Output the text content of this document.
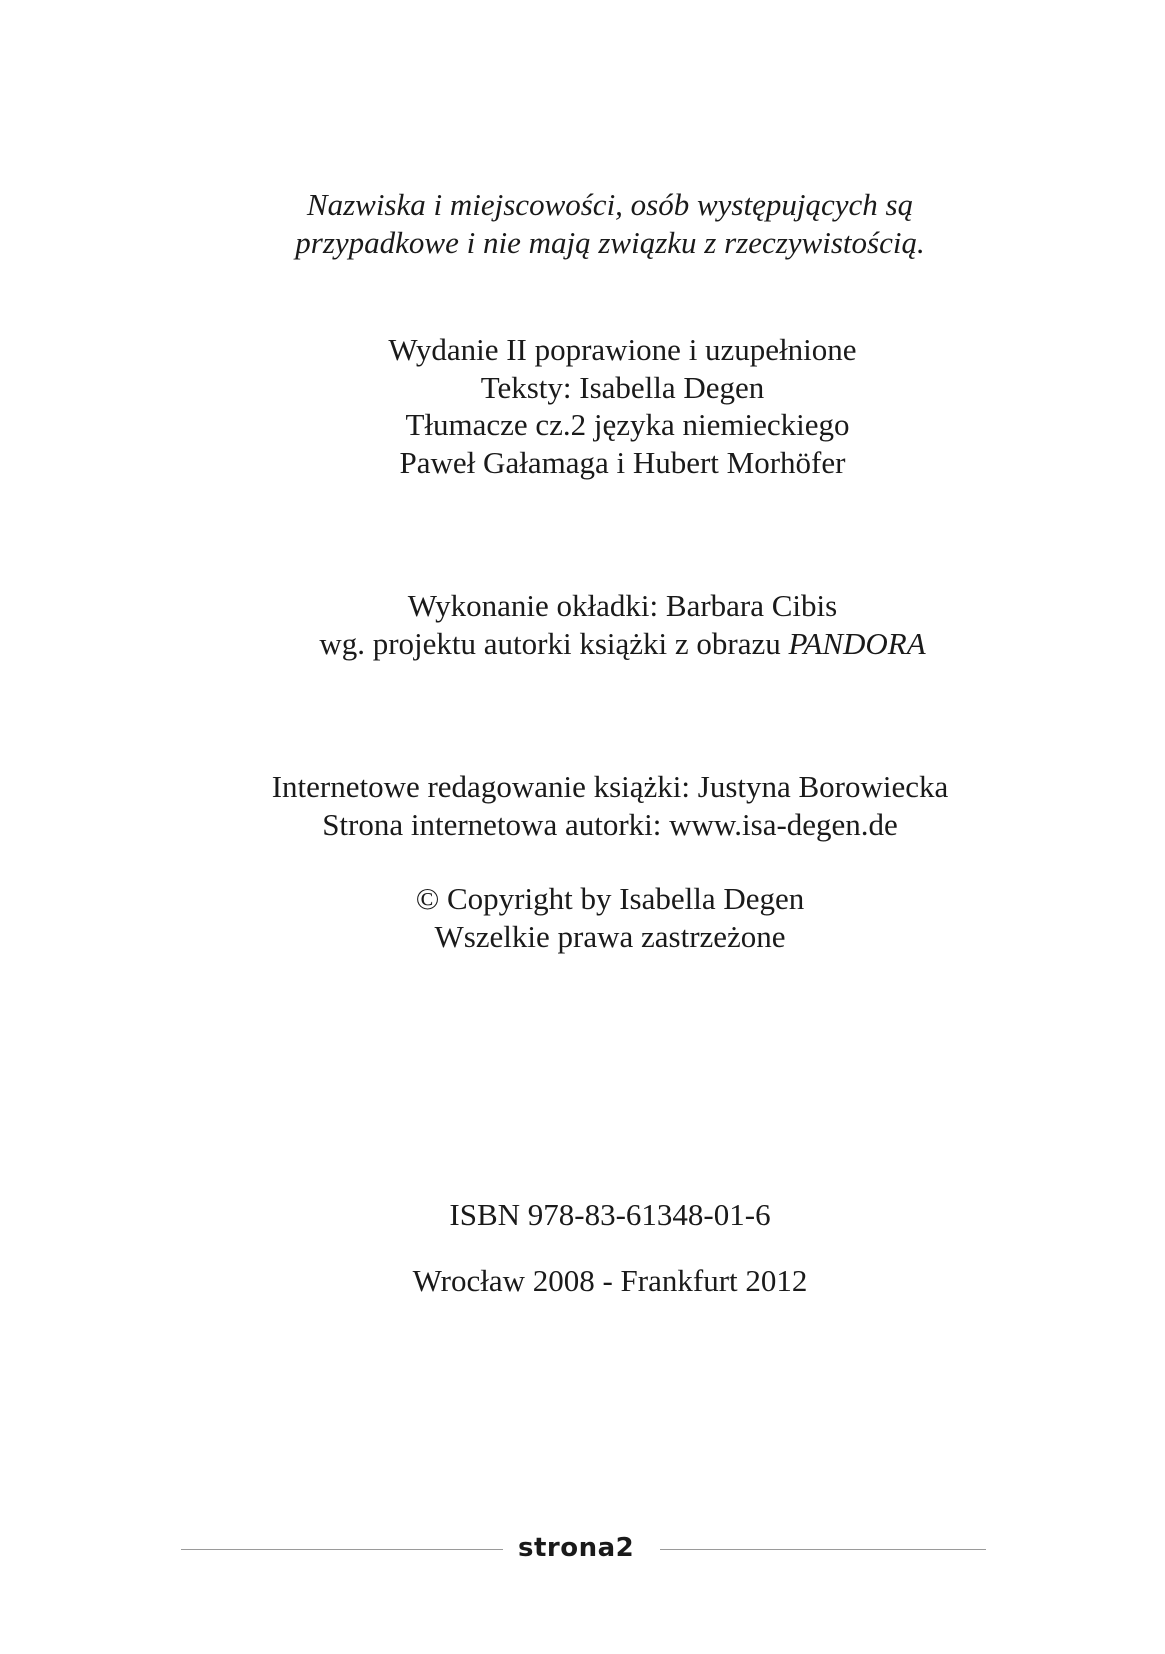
Nazwiska i miejscowości, osób występujących są
przypadkowe i nie mają związku z rzeczywistością.
Wydanie II poprawione i uzupełnione
Teksty: Isabella Degen
Tłumacze cz.2 języka niemieckiego
Paweł Gałamaga i Hubert Morhöfer
Wykonanie okładki: Barbara Cibis
wg. projektu autorki książki z obrazu PANDORA
Internetowe redagowanie książki: Justyna Borowiecka
Strona internetowa autorki: www.isa-degen.de
© Copyright by Isabella Degen
Wszelkie prawa zastrzeżone
ISBN 978-83-61348-01-6
Wrocław 2008 - Frankfurt 2012
strona2
